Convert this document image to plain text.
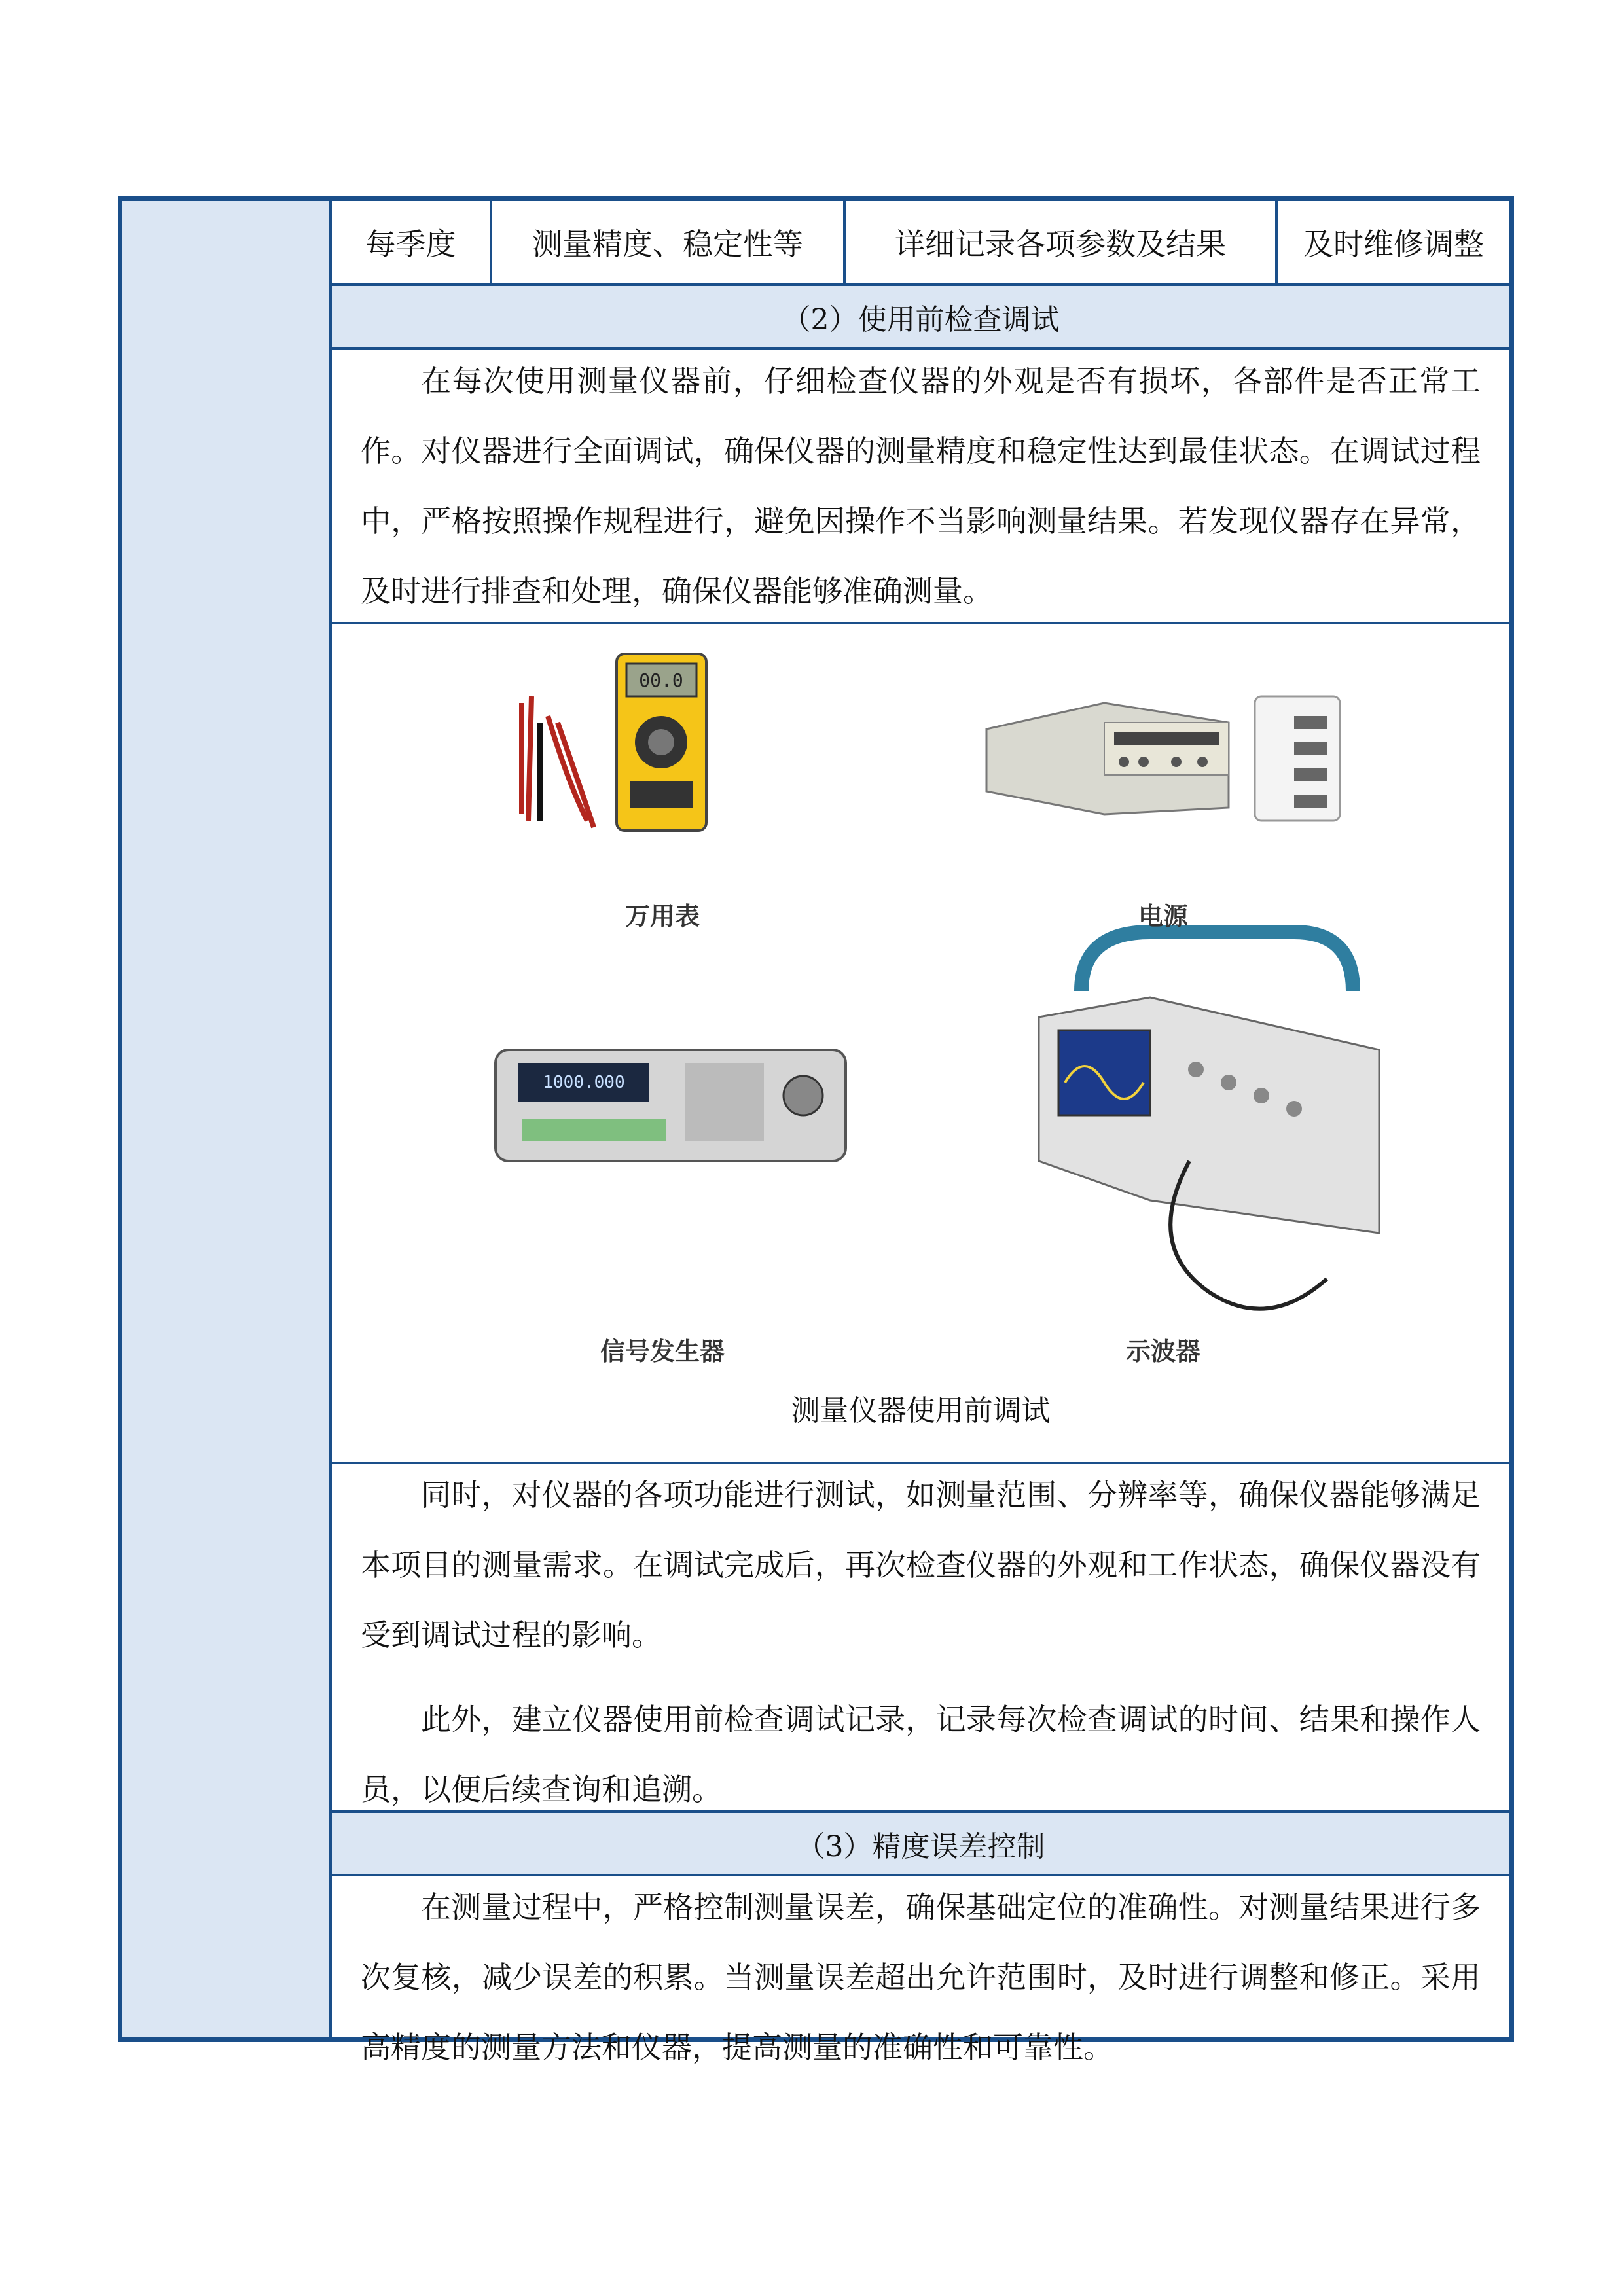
每季度	测量精度、稳定性等	详细记录各项参数及结果	及时维修调整
（2）使用前检查调试

在每次使用测量仪器前，仔细检查仪器的外观是否有损坏，各部件是否正常工作。对仪器进行全面调试，确保仪器的测量精度和稳定性达到最佳状态。在调试过程中，严格按照操作规程进行，避免因操作不当影响测量结果。若发现仪器存在异常，及时进行排查和处理，确保仪器能够准确测量。

00.0
1000.000
万用表	电源
信号发生器	示波器
测量仪器使用前调试

同时，对仪器的各项功能进行测试，如测量范围、分辨率等，确保仪器能够满足本项目的测量需求。在调试完成后，再次检查仪器的外观和工作状态，确保仪器没有受到调试过程的影响。

此外，建立仪器使用前检查调试记录，记录每次检查调试的时间、结果和操作人员，以便后续查询和追溯。

（3）精度误差控制

在测量过程中，严格控制测量误差，确保基础定位的准确性。对测量结果进行多次复核，减少误差的积累。当测量误差超出允许范围时，及时进行调整和修正。采用高精度的测量方法和仪器，提高测量的准确性和可靠性。
